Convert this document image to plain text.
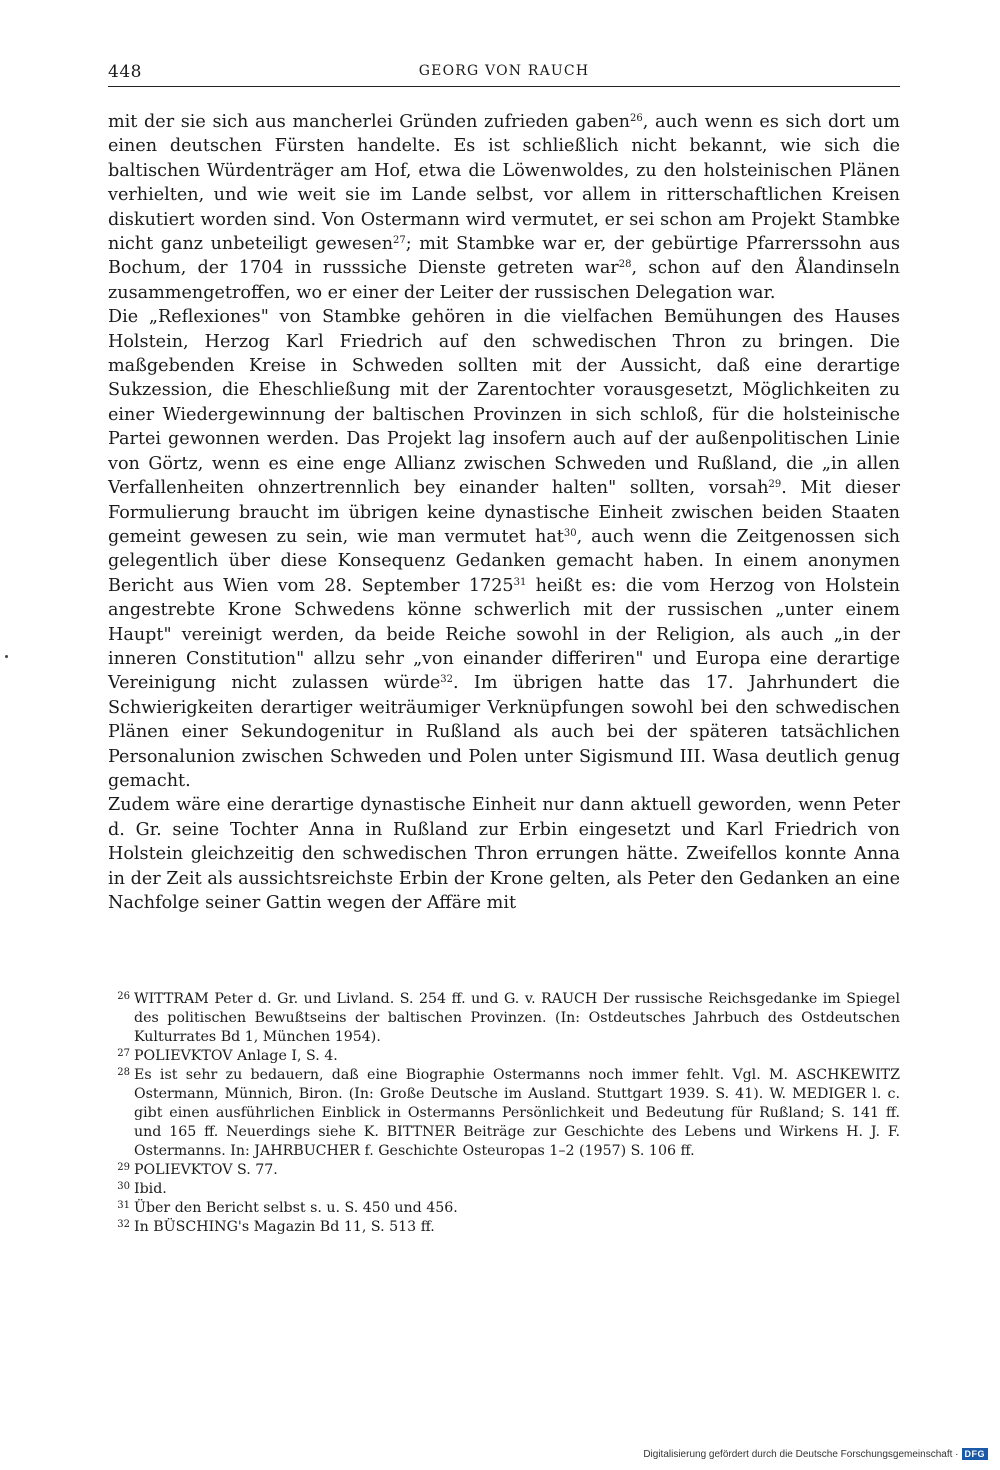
448	GEORG VON RAUCH

mit der sie sich aus mancherlei Gründen zufrieden gaben$^{26}$, auch wenn es sich dort um einen deutschen Fürsten handelte. Es ist schließlich nicht bekannt, wie sich die baltischen Würdenträger am Hof, etwa die Löwenwoldes, zu den holsteinischen Plänen verhielten, und wie weit sie im Lande selbst, vor allem in ritterschaftlichen Kreisen diskutiert worden sind. Von Ostermann wird vermutet, er sei schon am Projekt Stambke nicht ganz unbeteiligt gewesen$^{27}$; mit Stambke war er, der gebürtige Pfarrerssohn aus Bochum, der 1704 in russsiche Dienste getreten war$^{28}$, schon auf den Ålandinseln zusammengetroffen, wo er einer der Leiter der russischen Delegation war.

Die „Reflexiones" von Stambke gehören in die vielfachen Bemühungen des Hauses Holstein, Herzog Karl Friedrich auf den schwedischen Thron zu bringen. Die maßgebenden Kreise in Schweden sollten mit der Aussicht, daß eine derartige Sukzession, die Eheschließung mit der Zarentochter vorausgesetzt, Möglichkeiten zu einer Wiedergewinnung der baltischen Provinzen in sich schloß, für die holsteinische Partei gewonnen werden. Das Projekt lag insofern auch auf der außenpolitischen Linie von Görtz, wenn es eine enge Allianz zwischen Schweden und Rußland, die „in allen Verfallenheiten ohnzertrennlich bey einander halten" sollten, vorsah$^{29}$. Mit dieser Formulierung braucht im übrigen keine dynastische Einheit zwischen beiden Staaten gemeint gewesen zu sein, wie man vermutet hat$^{30}$, auch wenn die Zeitgenossen sich gelegentlich über diese Konsequenz Gedanken gemacht haben. In einem anonymen Bericht aus Wien vom 28. September 1725$^{31}$ heißt es: die vom Herzog von Holstein angestrebte Krone Schwedens könne schwerlich mit der russischen „unter einem Haupt" vereinigt werden, da beide Reiche sowohl in der Religion, als auch „in der inneren Constitution" allzu sehr „von einander differiren" und Europa eine derartige Vereinigung nicht zulassen würde$^{32}$. Im übrigen hatte das 17. Jahrhundert die Schwierigkeiten derartiger weiträumiger Verknüpfungen sowohl bei den schwedischen Plänen einer Sekundogenitur in Rußland als auch bei der späteren tatsächlichen Personalunion zwischen Schweden und Polen unter Sigismund III. Wasa deutlich genug gemacht.

Zudem wäre eine derartige dynastische Einheit nur dann aktuell geworden, wenn Peter d. Gr. seine Tochter Anna in Rußland zur Erbin eingesetzt und Karl Friedrich von Holstein gleichzeitig den schwedischen Thron errungen hätte. Zweifellos konnte Anna in der Zeit als aussichtsreichste Erbin der Krone gelten, als Peter den Gedanken an eine Nachfolge seiner Gattin wegen der Affäre mit

26 WITTRAM Peter d. Gr. und Livland. S. 254 ff. und G. v. RAUCH Der russische Reichsgedanke im Spiegel des politischen Bewußtseins der baltischen Provinzen. (In: Ostdeutsches Jahrbuch des Ostdeutschen Kulturrates Bd 1, München 1954).

27 POLIEVKTOV Anlage I, S. 4.

28 Es ist sehr zu bedauern, daß eine Biographie Ostermanns noch immer fehlt. Vgl. M. ASCHKEWITZ Ostermann, Münnich, Biron. (In: Große Deutsche im Ausland. Stuttgart 1939. S. 41). W. MEDIGER l. c. gibt einen ausführlichen Einblick in Ostermanns Persönlichkeit und Bedeutung für Rußland; S. 141 ff. und 165 ff. Neuerdings siehe K. BITTNER Beiträge zur Geschichte des Lebens und Wirkens H. J. F. Ostermanns. In: JAHRBUCHER f. Geschichte Osteuropas 1–2 (1957) S. 106 ff.

29 POLIEVKTOV S. 77.

30 Ibid.

31 Über den Bericht selbst s. u. S. 450 und 456.

32 In BÜSCHING's Magazin Bd 11, S. 513 ff.

Digitalisierung gefördert durch die Deutsche Forschungsgemeinschaft · DFG
